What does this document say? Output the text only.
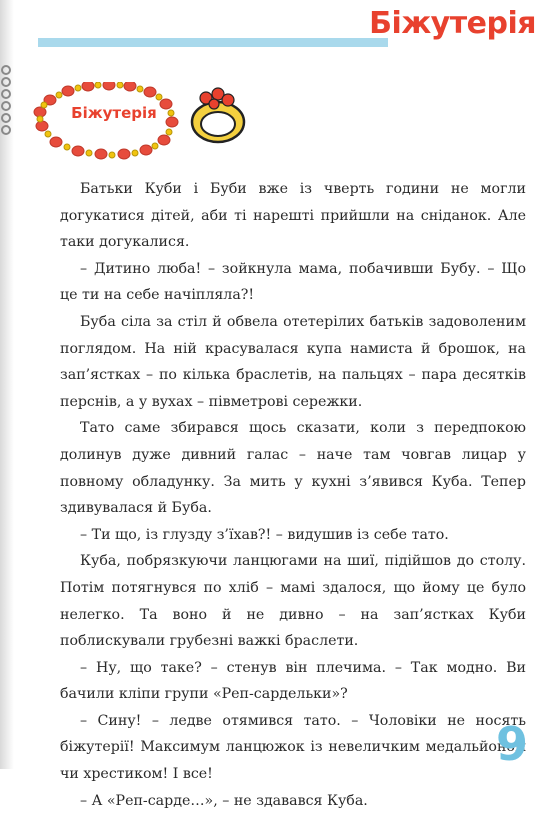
Біжутерія
Біжутерія

Батьки Куби і Буби вже із чверть години не могли догукатися дітей, аби ті нарешті прийшли на сніданок. Але таки догукалися.

– Дитино люба! – зойкнула мама, побачивши Бубу. – Що це ти на себе начіпляла?!

Буба сіла за стіл й обвела отетерілих батьків задоволеним поглядом. На ній красувалася купа намиста й брошок, на зап’ястках – по кілька браслетів, на пальцях – пара десятків перснів, а у вухах – півметрові сережки.

Тато саме збирався щось сказати, коли з передпокою долинув дуже дивний галас – наче там човгав лицар у повному обладунку. За мить у кухні з’явився Куба. Тепер здивувалася й Буба.

– Ти що, із глузду з’їхав?! – видушив із себе тато.

Куба, побрязкуючи ланцюгами на шиї, підійшов до столу. Потім потягнувся по хліб – мамі здалося, що йому це було нелегко. Та воно й не дивно – на зап’ястках Куби поблискували грубезні важкі браслети.

– Ну, що таке? – стенув він плечима. – Так модно. Ви бачили кліпи групи «Реп-сардельки»?

– Сину! – ледве отямився тато. – Чоловіки не носять біжутерії! Максимум ланцюжок із невеличким медальйоном чи хрестиком! І все!

– А «Реп-сарде…», – не здавався Куба.

9
